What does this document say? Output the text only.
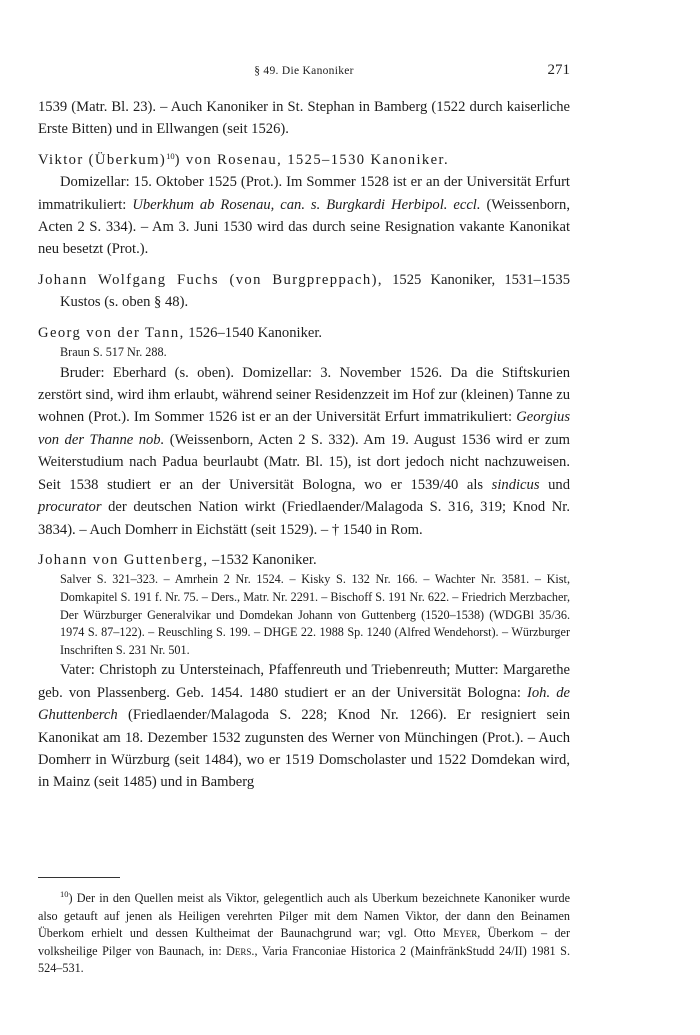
§ 49. Die Kanoniker	271

1539 (Matr. Bl. 23). – Auch Kanoniker in St. Stephan in Bamberg (1522 durch kaiserliche Erste Bitten) und in Ellwangen (seit 1526).

Viktor (Überkum)$^{10}$) von Rosenau, 1525–1530 Kanoniker.

Domizellar: 15. Oktober 1525 (Prot.). Im Sommer 1528 ist er an der Universität Erfurt immatrikuliert: Uberkhum ab Rosenau, can. s. Burgkardi Herbipol. eccl. (Weissenborn, Acten 2 S. 334). – Am 3. Juni 1530 wird das durch seine Resignation vakante Kanonikat neu besetzt (Prot.).

Johann Wolfgang Fuchs (von Burgpreppach), 1525 Kanoniker, 1531–1535 Kustos (s. oben § 48).
Georg von der Tann, 1526–1540 Kanoniker.

Braun S. 517 Nr. 288.

Bruder: Eberhard (s. oben). Domizellar: 3. November 1526. Da die Stiftskurien zerstört sind, wird ihm erlaubt, während seiner Residenzzeit im Hof zur (kleinen) Tanne zu wohnen (Prot.). Im Sommer 1526 ist er an der Universität Erfurt immatrikuliert: Georgius von der Thanne nob. (Weissenborn, Acten 2 S. 332). Am 19. August 1536 wird er zum Weiterstudium nach Padua beurlaubt (Matr. Bl. 15), ist dort jedoch nicht nachzuweisen. Seit 1538 studiert er an der Universität Bologna, wo er 1539/40 als sindicus und procurator der deutschen Nation wirkt (Friedlaender/Malagoda S. 316, 319; Knod Nr. 3834). – Auch Domherr in Eichstätt (seit 1529). – † 1540 in Rom.

Johann von Guttenberg, –1532 Kanoniker.

Salver S. 321–323. – Amrhein 2 Nr. 1524. – Kisky S. 132 Nr. 166. – Wachter Nr. 3581. – Kist, Domkapitel S. 191 f. Nr. 75. – Ders., Matr. Nr. 2291. – Bischoff S. 191 Nr. 622. – Friedrich Merzbacher, Der Würzburger Generalvikar und Domdekan Johann von Guttenberg (1520–1538) (WDGBl 35/36. 1974 S. 87–122). – Reuschling S. 199. – DHGE 22. 1988 Sp. 1240 (Alfred Wendehorst). – Würzburger Inschriften S. 231 Nr. 501.

Vater: Christoph zu Untersteinach, Pfaffenreuth und Triebenreuth; Mutter: Margarethe geb. von Plassenberg. Geb. 1454. 1480 studiert er an der Universität Bologna: Ioh. de Ghuttenberch (Friedlaender/Malagoda S. 228; Knod Nr. 1266). Er resigniert sein Kanonikat am 18. Dezember 1532 zugunsten des Werner von Münchingen (Prot.). – Auch Domherr in Würzburg (seit 1484), wo er 1519 Domscholaster und 1522 Domdekan wird, in Mainz (seit 1485) und in Bamberg

$^{10}$) Der in den Quellen meist als Viktor, gelegentlich auch als Uberkum bezeichnete Kanoniker wurde also getauft auf jenen als Heiligen verehrten Pilger mit dem Namen Viktor, der dann den Beinamen Überkom erhielt und dessen Kultheimat der Baunachgrund war; vgl. Otto Meyer, Überkom – der volksheilige Pilger von Baunach, in: Ders., Varia Franconiae Historica 2 (MainfränkStudd 24/II) 1981 S. 524–531.
